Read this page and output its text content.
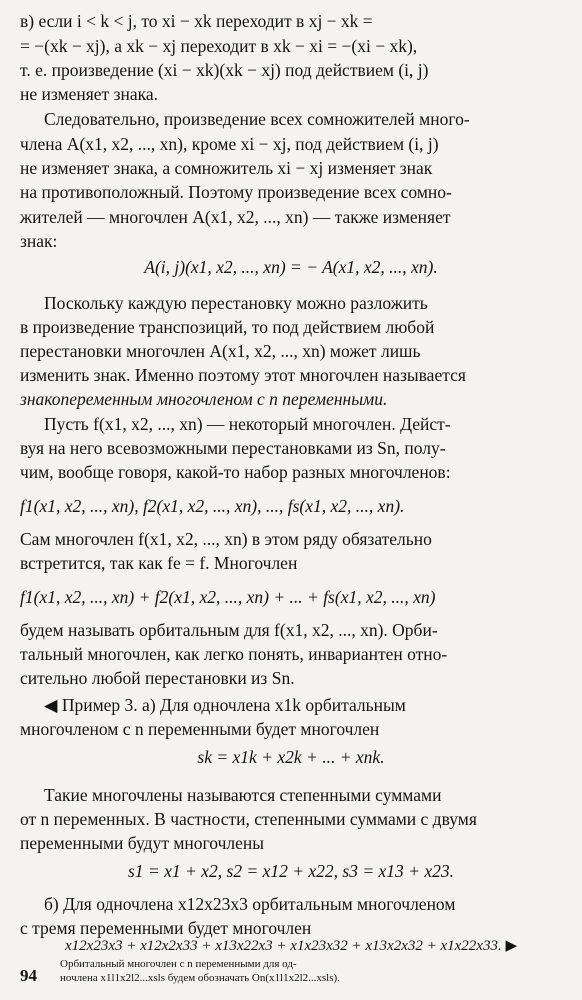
в) если i < k < j, то xi − xk переходит в xj − xk =
= −(xk − xj), а xk − xj переходит в xk − xi = −(xi − xk),
т. е. произведение (xi − xk)(xk − xj) под действием (i, j)
не изменяет знака.
Следовательно, произведение всех сомножителей много-
члена A(x1, x2, ..., xn), кроме xi − xj, под действием (i, j)
не изменяет знака, а сомножитель xi − xj изменяет знак
на противоположный. Поэтому произведение всех сомно-
жителей — многочлен A(x1, x2, ..., xn) — также изменяет
знак:
A(i, j)(x1, x2, ..., xn) = − A(x1, x2, ..., xn).
Поскольку каждую перестановку можно разложить
в произведение транспозиций, то под действием любой
перестановки многочлен A(x1, x2, ..., xn) может лишь
изменить знак. Именно поэтому этот многочлен называется
знакопеременным многочленом с n переменными.
Пусть f(x1, x2, ..., xn) — некоторый многочлен. Дейст-
вуя на него всевозможными перестановками из Sn, полу-
чим, вообще говоря, какой-то набор разных многочленов:
f1(x1, x2, ..., xn), f2(x1, x2, ..., xn), ..., fs(x1, x2, ..., xn).
Сам многочлен f(x1, x2, ..., xn) в этом ряду обязательно
встретится, так как fe = f. Многочлен
f1(x1, x2, ..., xn) + f2(x1, x2, ..., xn) + ... + fs(x1, x2, ..., xn)
будем называть орбитальным для f(x1, x2, ..., xn). Орби-
тальный многочлен, как легко понять, инвариантен отно-
сительно любой перестановки из Sn.
◀ Пример 3. а) Для одночлена x1k орбитальным
многочленом с n переменными будет многочлен
sk = x1k + x2k + ... + xnk.
Такие многочлены называются степенными суммами
от n переменных. В частности, степенными суммами с двумя
переменными будут многочлены
s1 = x1 + x2, s2 = x12 + x22, s3 = x13 + x23.
б) Для одночлена x12x23x3 орбитальным многочленом
с тремя переменными будет многочлен
x12x23x3 + x12x2x33 + x13x22x3 + x1x23x32 + x13x2x32 + x1x22x33. ▶
94
Орбитальный многочлен с n переменными для од-
ночлена x1l1x2l2...xsls будем обозначать On(x1l1x2l2...xsls).
